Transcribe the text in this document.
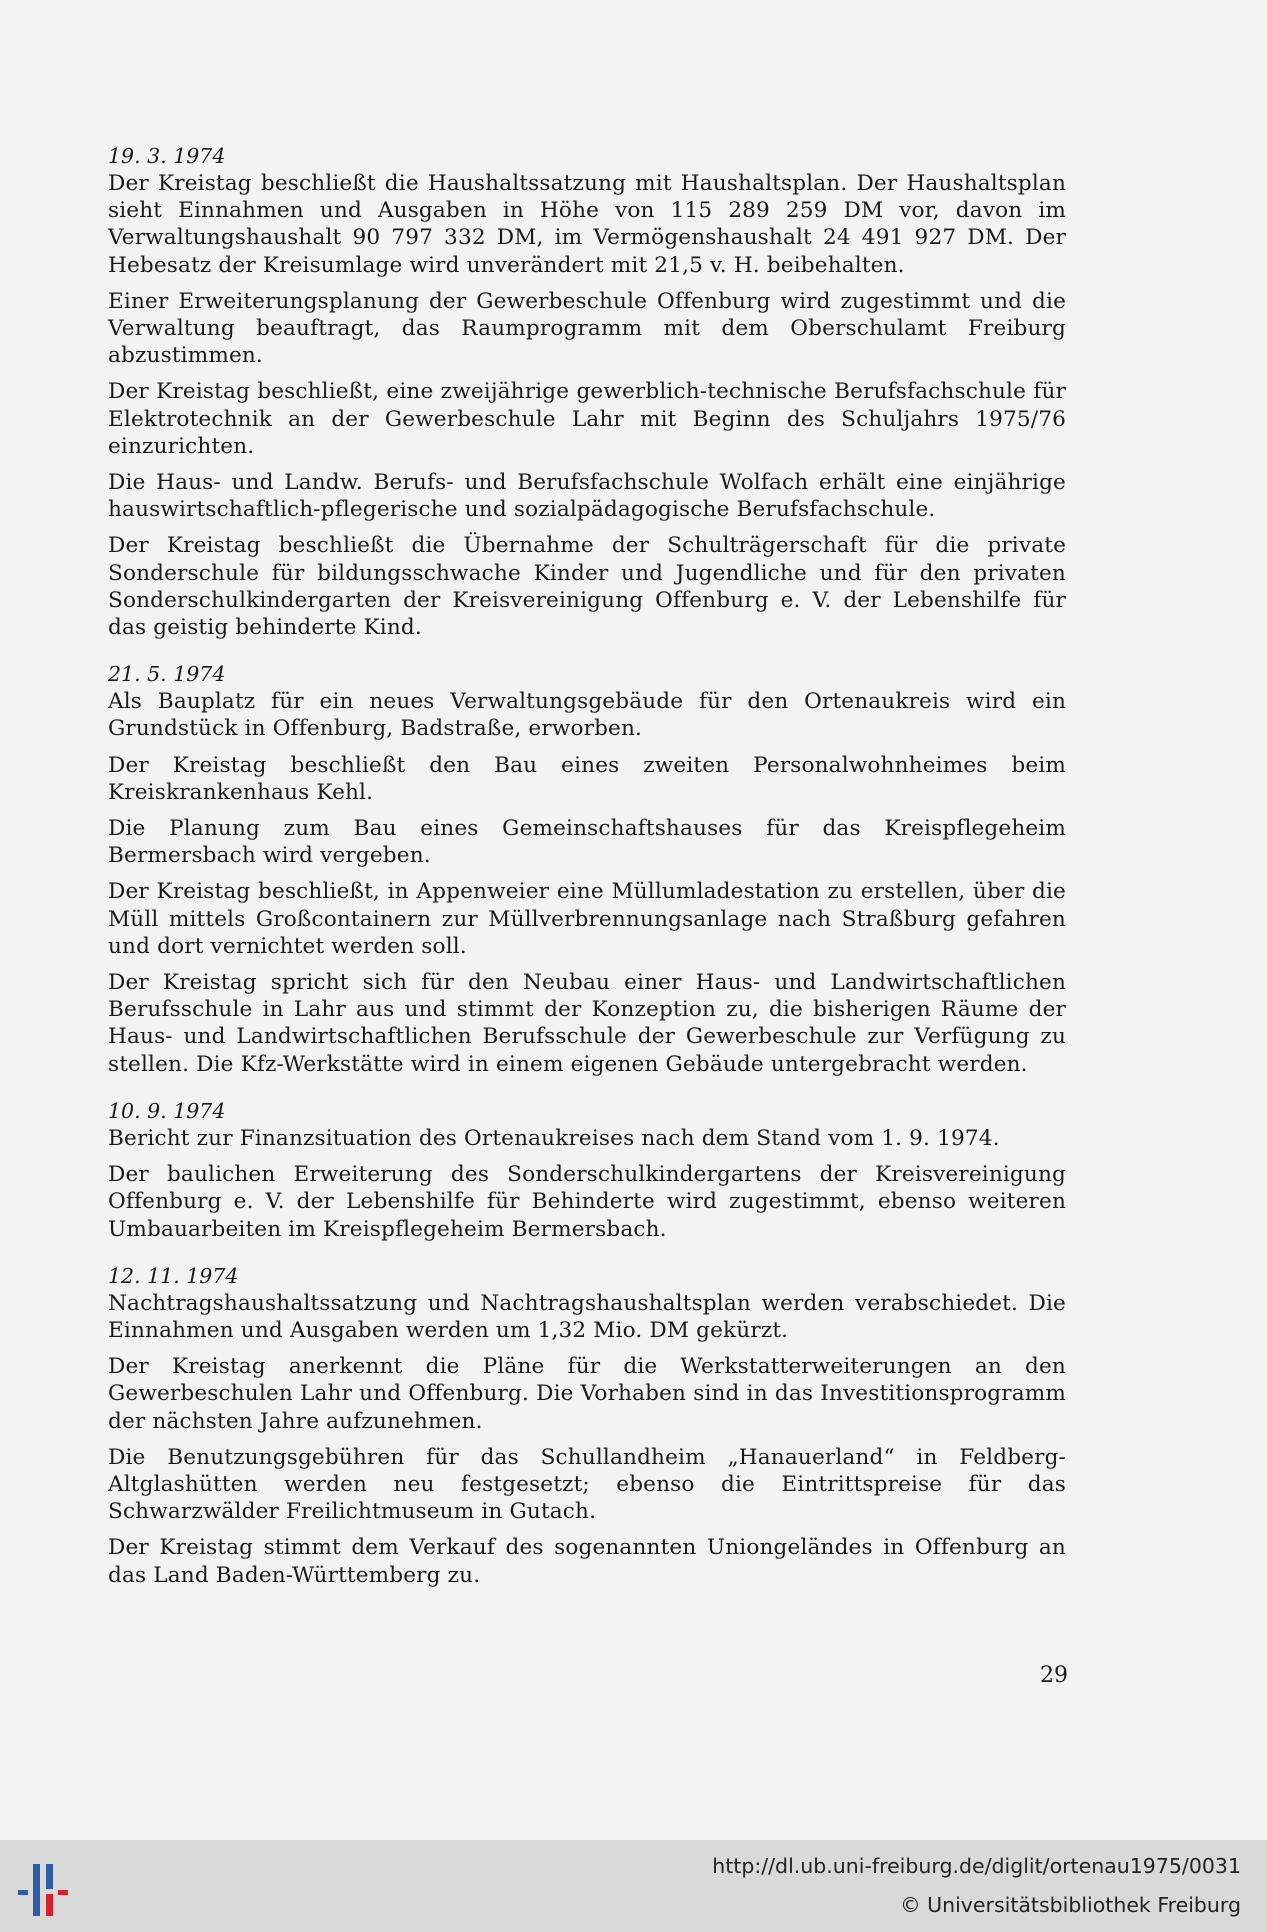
19. 3. 1974

Der Kreistag beschließt die Haushaltssatzung mit Haushaltsplan. Der Haushaltsplan sieht Einnahmen und Ausgaben in Höhe von 115 289 259 DM vor, davon im Verwaltungshaushalt 90 797 332 DM, im Vermögenshaushalt 24 491 927 DM. Der Hebesatz der Kreisumlage wird unverändert mit 21,5 v. H. beibehalten.

Einer Erweiterungsplanung der Gewerbeschule Offenburg wird zugestimmt und die Verwaltung beauftragt, das Raumprogramm mit dem Oberschulamt Freiburg abzustimmen.

Der Kreistag beschließt, eine zweijährige gewerblich-technische Berufsfachschule für Elektrotechnik an der Gewerbeschule Lahr mit Beginn des Schuljahrs 1975/76 einzurichten.

Die Haus- und Landw. Berufs- und Berufsfachschule Wolfach erhält eine einjährige hauswirtschaftlich-pflegerische und sozialpädagogische Berufsfachschule.

Der Kreistag beschließt die Übernahme der Schulträgerschaft für die private Sonderschule für bildungsschwache Kinder und Jugendliche und für den privaten Sonderschulkindergarten der Kreisvereinigung Offenburg e. V. der Lebenshilfe für das geistig behinderte Kind.

21. 5. 1974

Als Bauplatz für ein neues Verwaltungsgebäude für den Ortenaukreis wird ein Grundstück in Offenburg, Badstraße, erworben.

Der Kreistag beschließt den Bau eines zweiten Personalwohnheimes beim Kreiskrankenhaus Kehl.

Die Planung zum Bau eines Gemeinschaftshauses für das Kreispflegeheim Bermersbach wird vergeben.

Der Kreistag beschließt, in Appenweier eine Müllumladestation zu erstellen, über die Müll mittels Großcontainern zur Müllverbrennungsanlage nach Straßburg gefahren und dort vernichtet werden soll.

Der Kreistag spricht sich für den Neubau einer Haus- und Landwirtschaftlichen Berufsschule in Lahr aus und stimmt der Konzeption zu, die bisherigen Räume der Haus- und Landwirtschaftlichen Berufsschule der Gewerbeschule zur Verfügung zu stellen. Die Kfz-Werkstätte wird in einem eigenen Gebäude untergebracht werden.

10. 9. 1974

Bericht zur Finanzsituation des Ortenaukreises nach dem Stand vom 1. 9. 1974.

Der baulichen Erweiterung des Sonderschulkindergartens der Kreisvereinigung Offenburg e. V. der Lebenshilfe für Behinderte wird zugestimmt, ebenso weiteren Umbauarbeiten im Kreispflegeheim Bermersbach.

12. 11. 1974

Nachtragshaushaltssatzung und Nachtragshaushaltsplan werden verabschiedet. Die Einnahmen und Ausgaben werden um 1,32 Mio. DM gekürzt.

Der Kreistag anerkennt die Pläne für die Werkstatterweiterungen an den Gewerbeschulen Lahr und Offenburg. Die Vorhaben sind in das Investitionsprogramm der nächsten Jahre aufzunehmen.

Die Benutzungsgebühren für das Schullandheim „Hanauerland“ in Feldberg-Altglashütten werden neu festgesetzt; ebenso die Eintrittspreise für das Schwarzwälder Freilichtmuseum in Gutach.

Der Kreistag stimmt dem Verkauf des sogenannten Uniongeländes in Offenburg an das Land Baden-Württemberg zu.

29
http://dl.ub.uni-freiburg.de/diglit/ortenau1975/0031
© Universitätsbibliothek Freiburg
